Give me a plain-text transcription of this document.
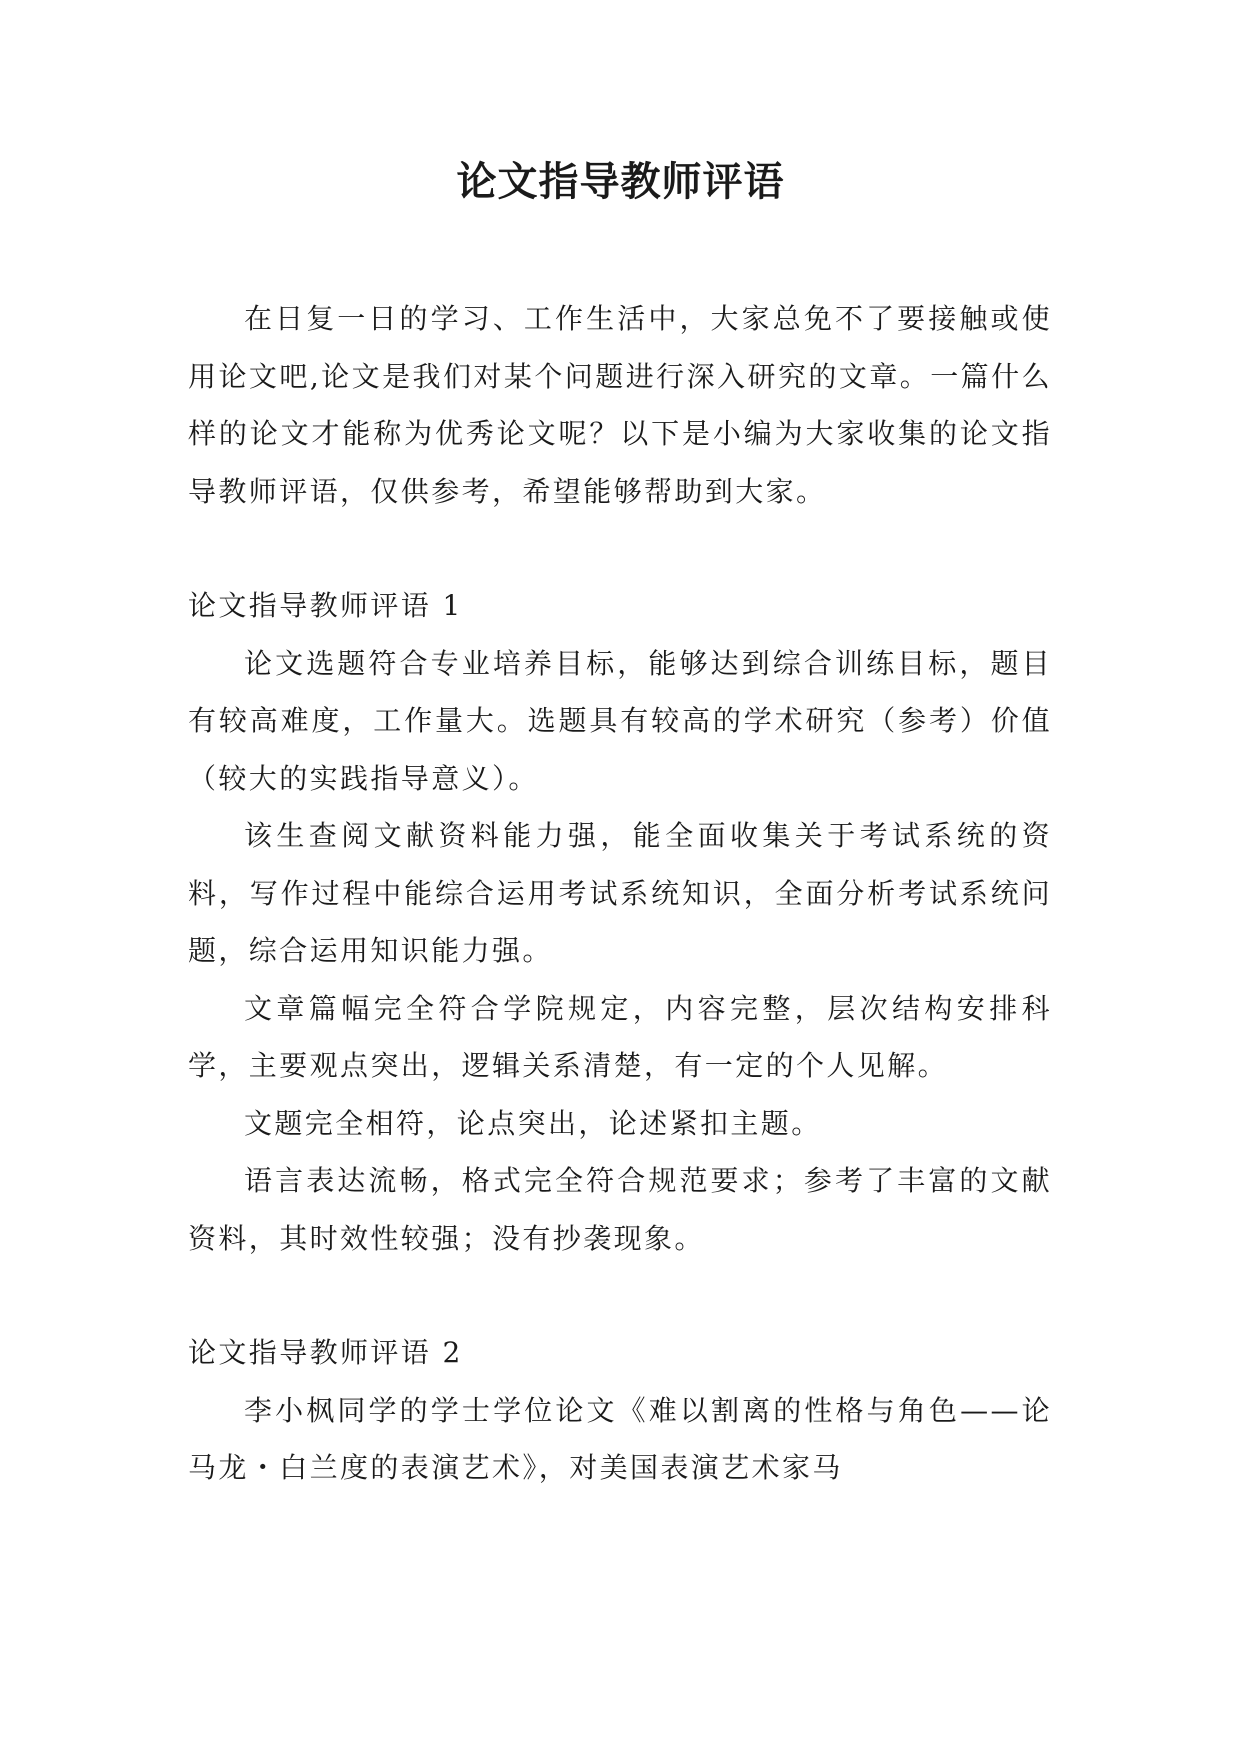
论文指导教师评语

在日复一日的学习、工作生活中，大家总免不了要接触或使用论文吧,论文是我们对某个问题进行深入研究的文章。一篇什么样的论文才能称为优秀论文呢？以下是小编为大家收集的论文指导教师评语，仅供参考，希望能够帮助到大家。

论文指导教师评语 1

论文选题符合专业培养目标，能够达到综合训练目标，题目有较高难度，工作量大。选题具有较高的学术研究（参考）价值（较大的实践指导意义）。

该生查阅文献资料能力强，能全面收集关于考试系统的资料，写作过程中能综合运用考试系统知识，全面分析考试系统问题，综合运用知识能力强。

文章篇幅完全符合学院规定，内容完整，层次结构安排科学，主要观点突出，逻辑关系清楚，有一定的个人见解。

文题完全相符，论点突出，论述紧扣主题。

语言表达流畅，格式完全符合规范要求；参考了丰富的文献资料，其时效性较强；没有抄袭现象。

论文指导教师评语 2

李小枫同学的学士学位论文《难以割离的性格与角色——论马龙・白兰度的表演艺术》，对美国表演艺术家马
